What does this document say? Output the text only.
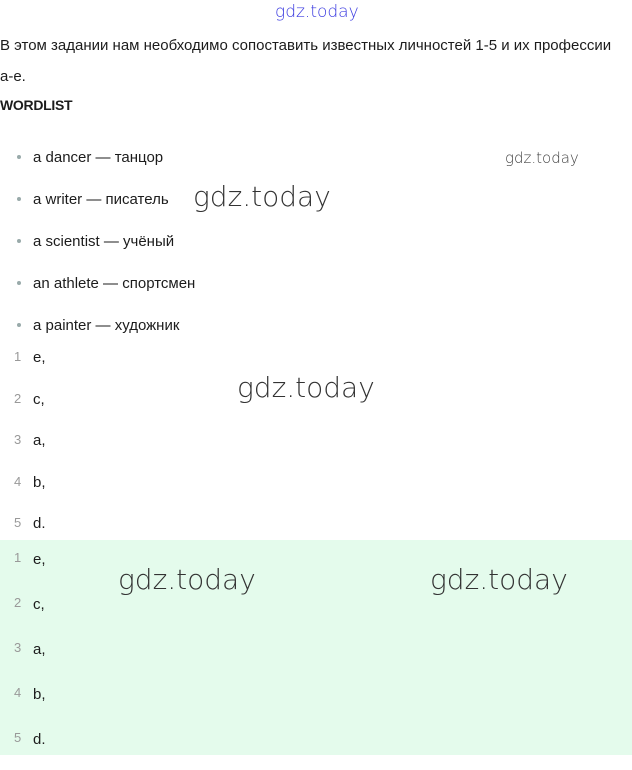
gdz.today

В этом задании нам необходимо сопоставить известных личностей 1-5 и их профессии а-е.

WORDLIST
a dancer — танцор
a writer — писатель
a scientist — учёный
an athlete — спортсмен
a painter — художник
1 e,
2 c,
3 a,
4 b,
5 d.
1 e,
2 c,
3 a,
4 b,
5 d.
gdz.today
gdz.today
gdz.today
gdz.today	gdz.today
